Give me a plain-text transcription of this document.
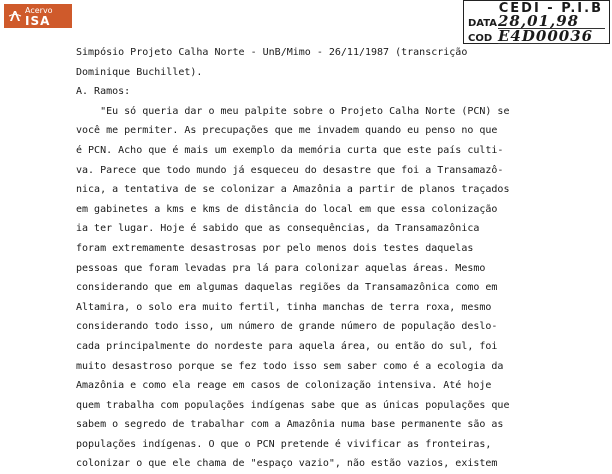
Acervo
ISA
CEDI - P.I.B
DATA 28,01,98
COD E4D00036
Simpósio Projeto Calha Norte - UnB/Mimo - 26/11/1987 (transcrição
Dominique Buchillet).
A. Ramos:
"Eu só queria dar o meu palpite sobre o Projeto Calha Norte (PCN) se
você me permiter. As precupações que me invadem quando eu penso no que
é PCN. Acho que é mais um exemplo da memória curta que este país culti-
va. Parece que todo mundo já esqueceu do desastre que foi a Transamazô-
nica, a tentativa de se colonizar a Amazônia a partir de planos traçados
em gabinetes a kms e kms de distância do local em que essa colonização
ia ter lugar. Hoje é sabido que as consequências, da Transamazônica
foram extremamente desastrosas por pelo menos dois testes daquelas
pessoas que foram levadas pra lá para colonizar aquelas áreas. Mesmo
considerando que em algumas daquelas regiões da Transamazônica como em
Altamira, o solo era muito fertil, tinha manchas de terra roxa, mesmo
considerando todo isso, um número de grande número de população deslo-
cada principalmente do nordeste para aquela área, ou então do sul, foi
muito desastroso porque se fez todo isso sem saber como é a ecologia da
Amazônia e como ela reage em casos de colonização intensiva. Até hoje
quem trabalha com populações indígenas sabe que as únicas populações que
sabem o segredo de trabalhar com a Amazônia numa base permanente são as
populações indígenas. O que o PCN pretende é vivificar as fronteiras,
colonizar o que ele chama de "espaço vazio", não estão vazios, existem
